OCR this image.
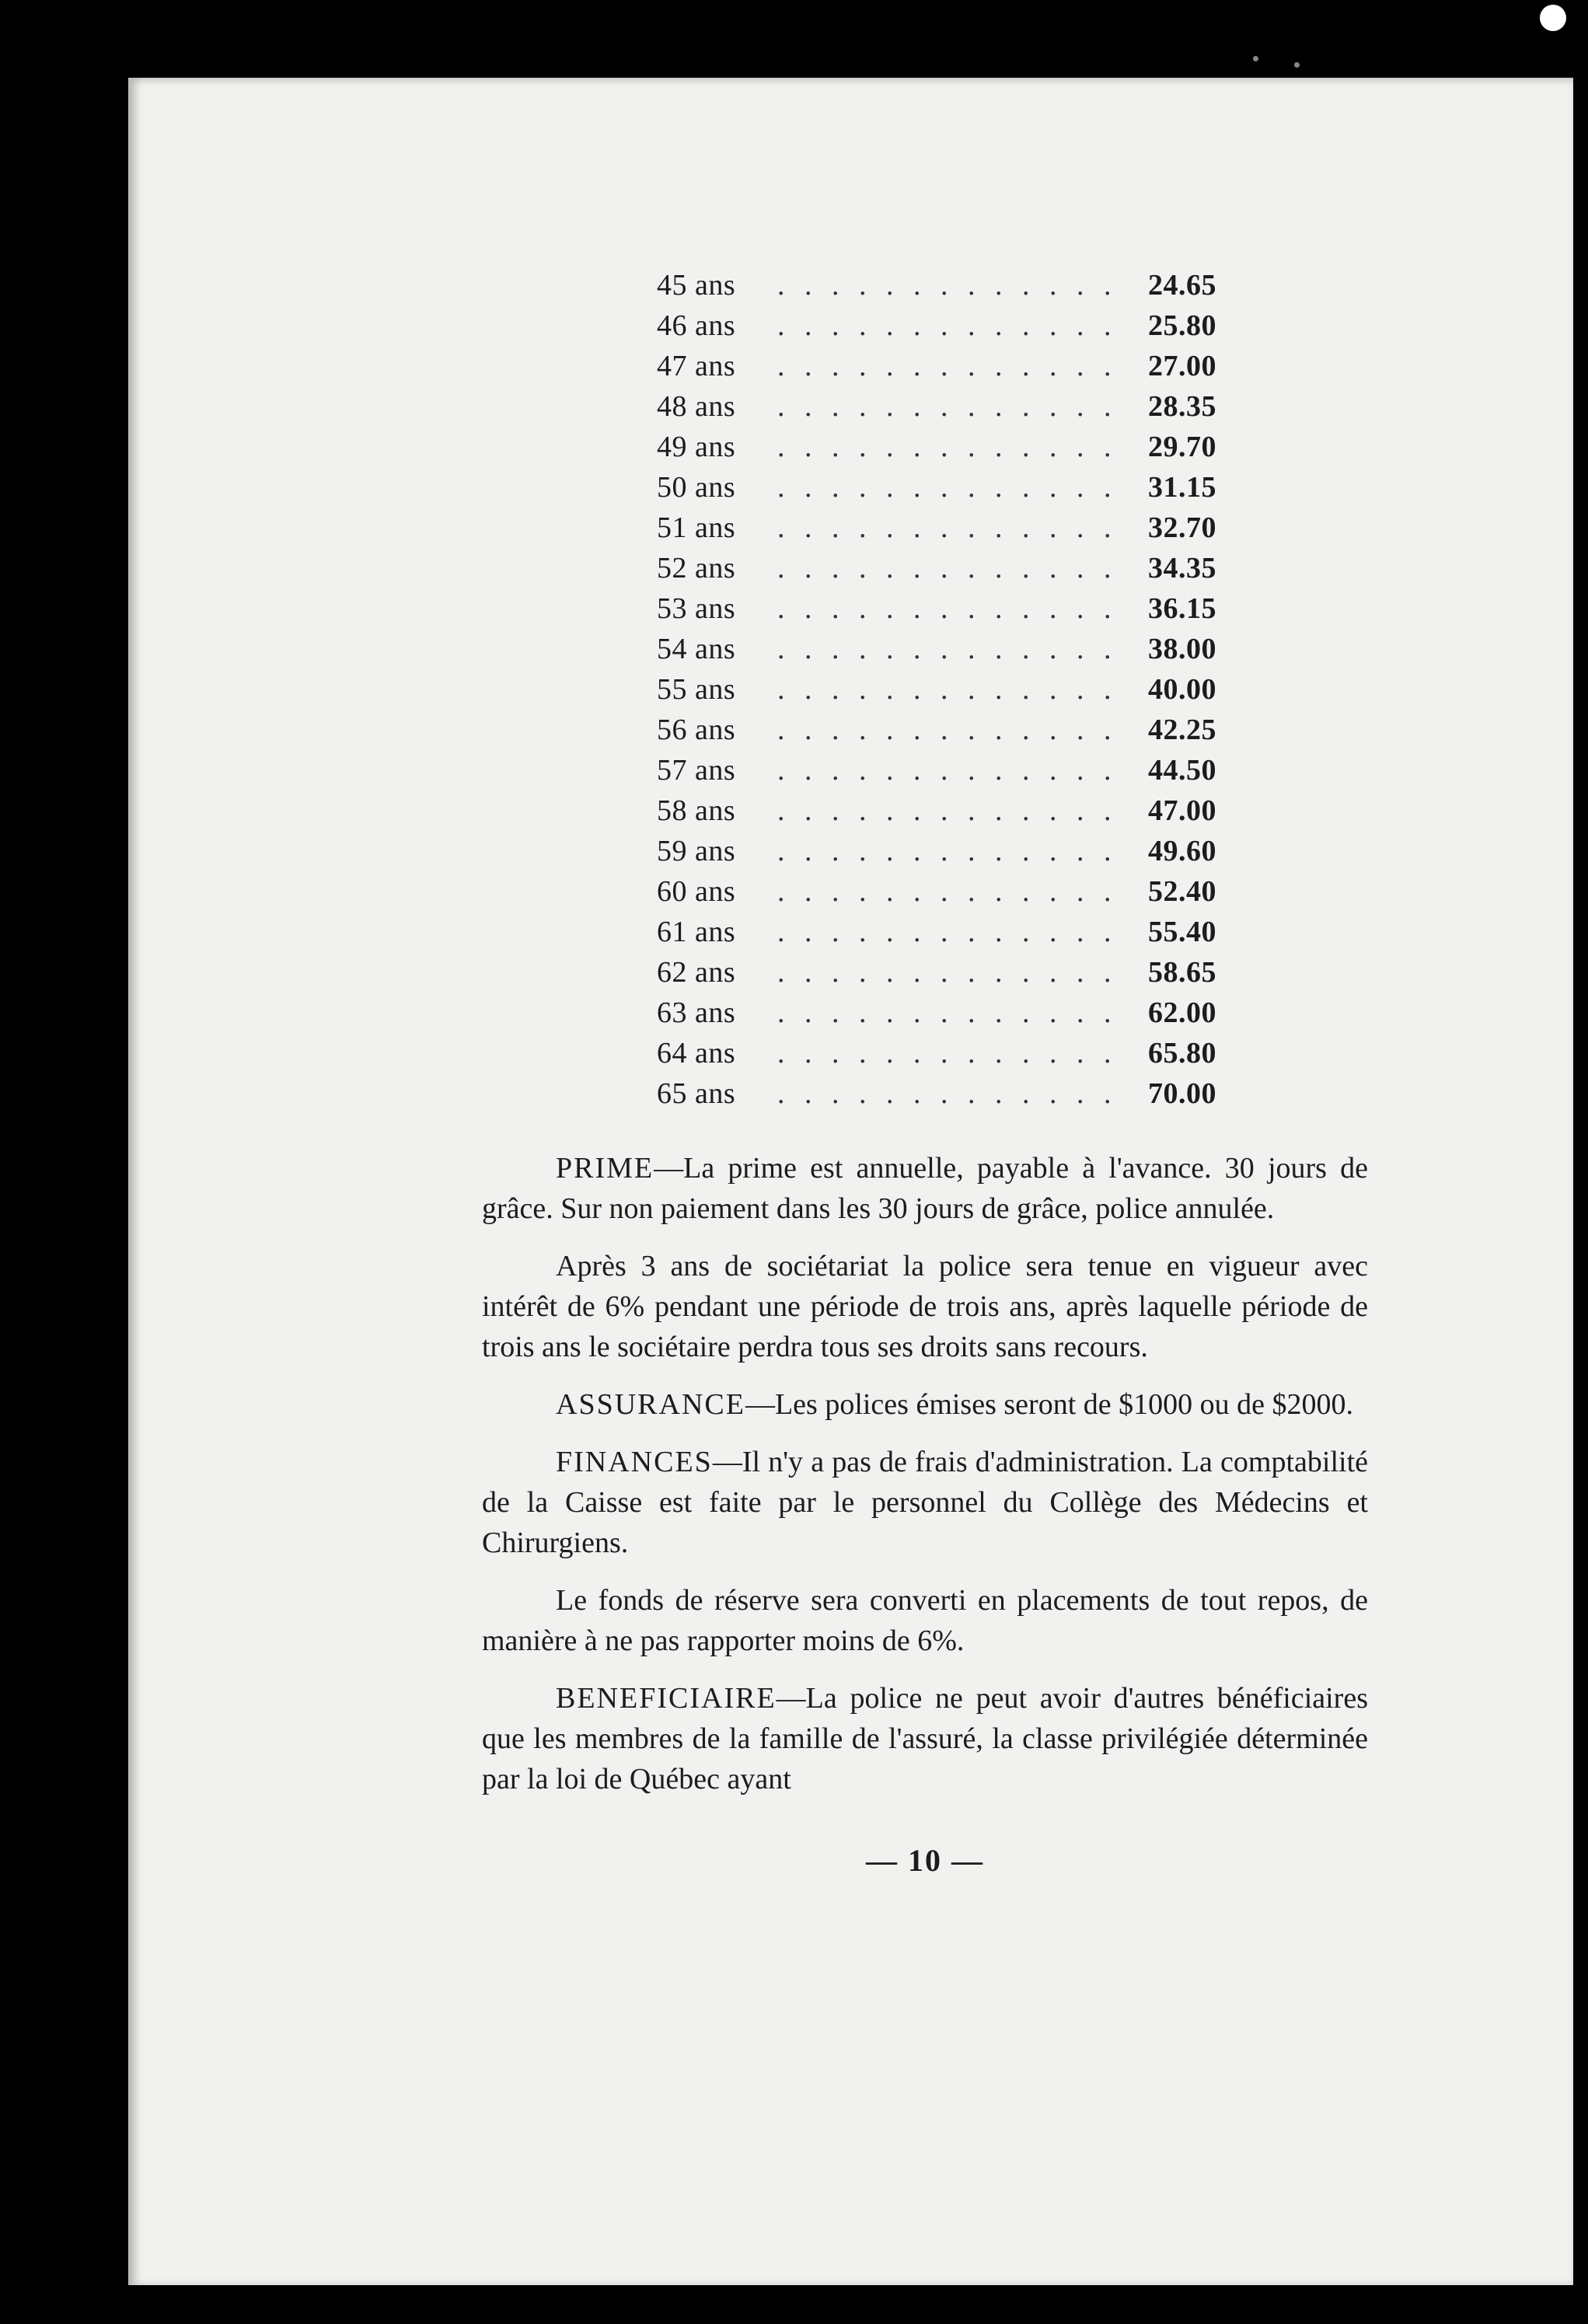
45 ans	. . . . . . . . . . . . .	24.65
46 ans	. . . . . . . . . . . . .	25.80
47 ans	. . . . . . . . . . . . .	27.00
48 ans	. . . . . . . . . . . . .	28.35
49 ans	. . . . . . . . . . . . .	29.70
50 ans	. . . . . . . . . . . . .	31.15
51 ans	. . . . . . . . . . . . .	32.70
52 ans	. . . . . . . . . . . . .	34.35
53 ans	. . . . . . . . . . . . .	36.15
54 ans	. . . . . . . . . . . . .	38.00
55 ans	. . . . . . . . . . . . .	40.00
56 ans	. . . . . . . . . . . . .	42.25
57 ans	. . . . . . . . . . . . .	44.50
58 ans	. . . . . . . . . . . . .	47.00
59 ans	. . . . . . . . . . . . .	49.60
60 ans	. . . . . . . . . . . . .	52.40
61 ans	. . . . . . . . . . . . .	55.40
62 ans	. . . . . . . . . . . . .	58.65
63 ans	. . . . . . . . . . . . .	62.00
64 ans	. . . . . . . . . . . . .	65.80
65 ans	. . . . . . . . . . . . .	70.00

PRIME—La prime est annuelle, payable à l'avance. 30 jours de grâce. Sur non paiement dans les 30 jours de grâce, police annulée.

Après 3 ans de sociétariat la police sera tenue en vigueur avec intérêt de 6% pendant une période de trois ans, après laquelle période de trois ans le sociétaire perdra tous ses droits sans recours.

ASSURANCE—Les polices émises seront de $1000 ou de $2000.

FINANCES—Il n'y a pas de frais d'administration. La comptabilité de la Caisse est faite par le personnel du Collège des Médecins et Chirurgiens.

Le fonds de réserve sera converti en placements de tout repos, de manière à ne pas rapporter moins de 6%.

BENEFICIAIRE—La police ne peut avoir d'autres bénéficiaires que les membres de la famille de l'assuré, la classe privilégiée déterminée par la loi de Québec ayant

— 10 —
